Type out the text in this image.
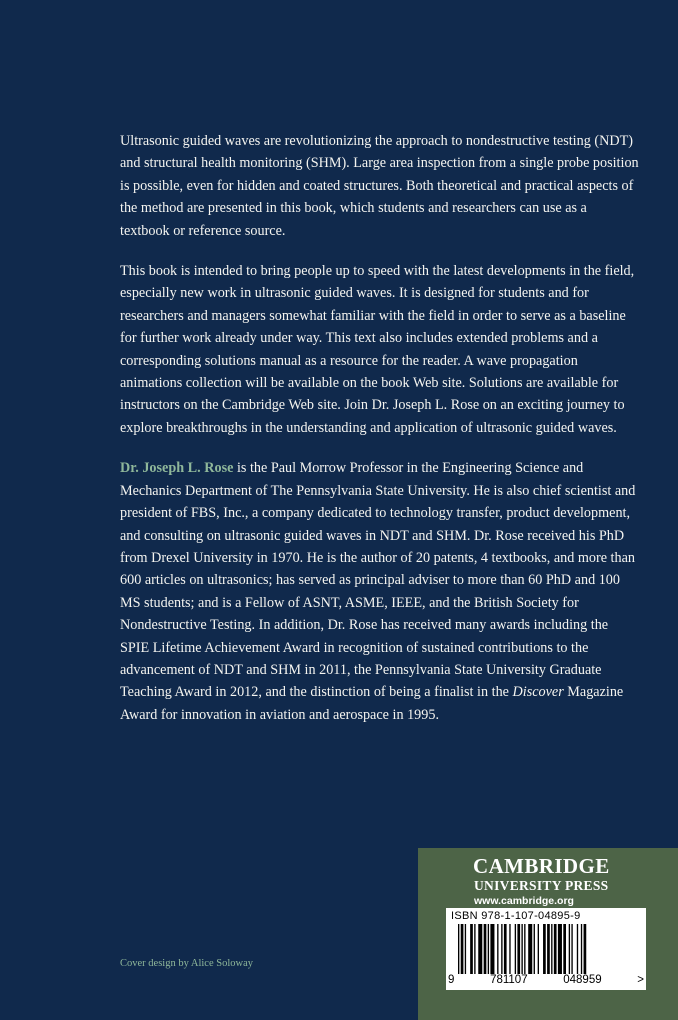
Ultrasonic guided waves are revolutionizing the approach to nondestructive testing (NDT) and structural health monitoring (SHM). Large area inspection from a single probe position is possible, even for hidden and coated structures. Both theoretical and practical aspects of the method are presented in this book, which students and researchers can use as a textbook or reference source.

This book is intended to bring people up to speed with the latest developments in the field, especially new work in ultrasonic guided waves. It is designed for students and for researchers and managers somewhat familiar with the field in order to serve as a baseline for further work already under way. This text also includes extended problems and a corresponding solutions manual as a resource for the reader. A wave propagation animations collection will be available on the book Web site. Solutions are available for instructors on the Cambridge Web site. Join Dr. Joseph L. Rose on an exciting journey to explore breakthroughs in the understanding and application of ultrasonic guided waves.

Dr. Joseph L. Rose is the Paul Morrow Professor in the Engineering Science and Mechanics Department of The Pennsylvania State University. He is also chief scientist and president of FBS, Inc., a company dedicated to technology transfer, product development, and consulting on ultrasonic guided waves in NDT and SHM. Dr. Rose received his PhD from Drexel University in 1970. He is the author of 20 patents, 4 textbooks, and more than 600 articles on ultrasonics; has served as principal adviser to more than 60 PhD and 100 MS students; and is a Fellow of ASNT, ASME, IEEE, and the British Society for Nondestructive Testing. In addition, Dr. Rose has received many awards including the SPIE Lifetime Achievement Award in recognition of sustained contributions to the advancement of NDT and SHM in 2011, the Pennsylvania State University Graduate Teaching Award in 2012, and the distinction of being a finalist in the Discover Magazine Award for innovation in aviation and aerospace in 1995.

Cover design by Alice Soloway
CAMBRIDGE
UNIVERSITY PRESS
www.cambridge.org
ISBN 978-1-107-04895-9
9	781107	048959	>
